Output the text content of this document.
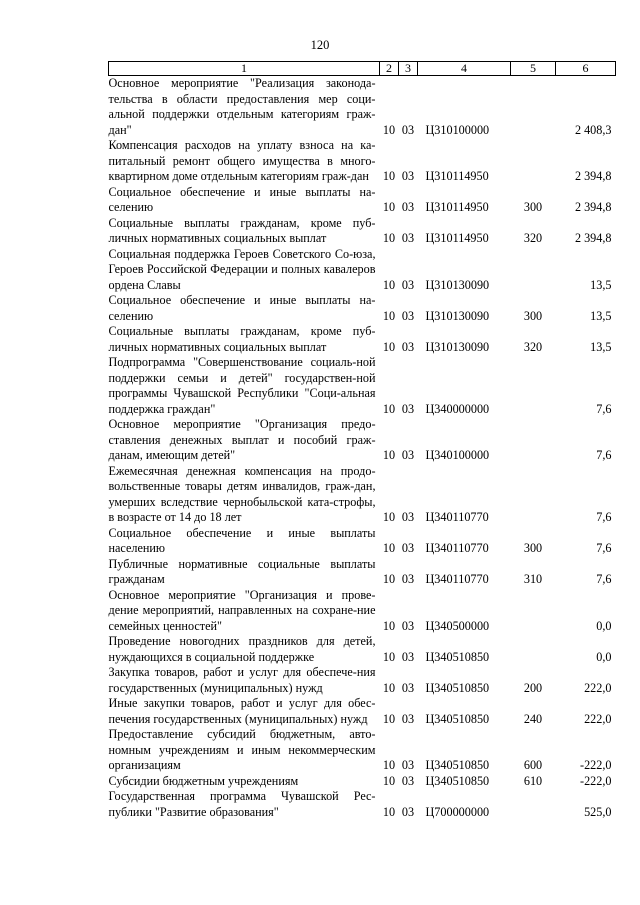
120
1	2	3	4	5	6
Основное мероприятие "Реализация законода-тельства в области предоставления мер соци-альной поддержки отдельным категориям граж-дан"	10	03	Ц310100000		2 408,3
Компенсация расходов на уплату взноса на ка-питальный ремонт общего имущества в много-квартирном доме отдельным категориям граж-дан	10	03	Ц310114950		2 394,8
Социальное обеспечение и иные выплаты на-селению	10	03	Ц310114950	300	2 394,8
Социальные выплаты гражданам, кроме пуб-личных нормативных социальных выплат	10	03	Ц310114950	320	2 394,8
Социальная поддержка Героев Советского Со-юза, Героев Российской Федерации и полных кавалеров ордена Славы	10	03	Ц310130090		13,5
Социальное обеспечение и иные выплаты на-селению	10	03	Ц310130090	300	13,5
Социальные выплаты гражданам, кроме пуб-личных нормативных социальных выплат	10	03	Ц310130090	320	13,5
Подпрограмма "Совершенствование социаль-ной поддержки семьи и детей" государствен-ной программы Чувашской Республики "Соци-альная поддержка граждан"	10	03	Ц340000000		7,6
Основное мероприятие "Организация предо-ставления денежных выплат и пособий граж-данам, имеющим детей"	10	03	Ц340100000		7,6
Ежемесячная денежная компенсация на продо-вольственные товары детям инвалидов, граж-дан, умерших вследствие чернобыльской ката-строфы, в возрасте от 14 до 18 лет	10	03	Ц340110770		7,6
Социальное обеспечение и иные выплаты населению	10	03	Ц340110770	300	7,6
Публичные нормативные социальные выплаты гражданам	10	03	Ц340110770	310	7,6
Основное мероприятие "Организация и прове-дение мероприятий, направленных на сохране-ние семейных ценностей"	10	03	Ц340500000		0,0
Проведение новогодних праздников для детей, нуждающихся в социальной поддержке	10	03	Ц340510850		0,0
Закупка товаров, работ и услуг для обеспече-ния государственных (муниципальных) нужд	10	03	Ц340510850	200	222,0
Иные закупки товаров, работ и услуг для обес-печения государственных (муниципальных) нужд	10	03	Ц340510850	240	222,0
Предоставление субсидий бюджетным, авто-номным учреждениям и иным некоммерческим организациям	10	03	Ц340510850	600	-222,0
Субсидии бюджетным учреждениям	10	03	Ц340510850	610	-222,0
Государственная программа Чувашской Рес-публики "Развитие образования"	10	03	Ц700000000		525,0
